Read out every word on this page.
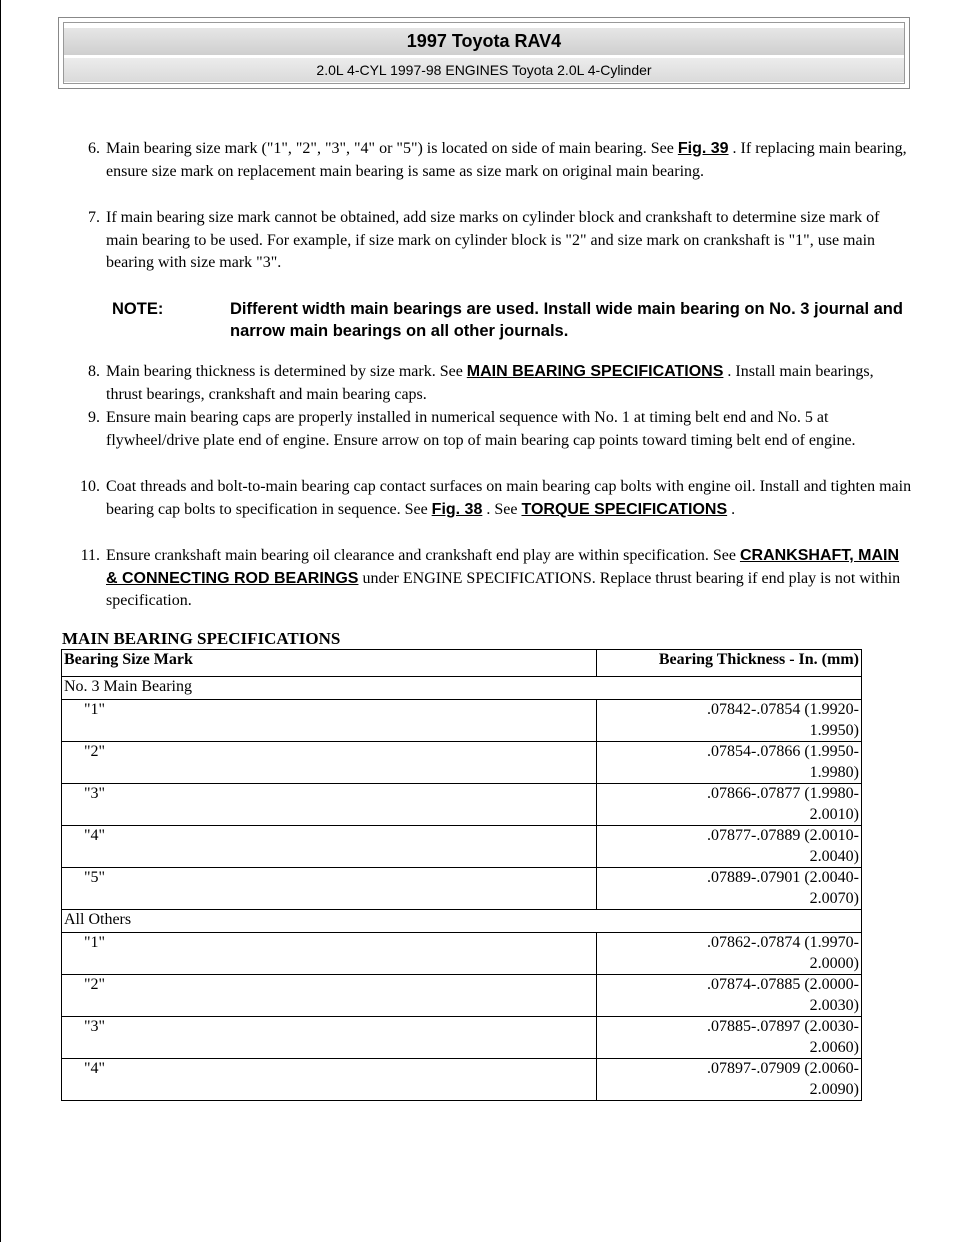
1997 Toyota RAV4
2.0L 4-CYL 1997-98 ENGINES Toyota 2.0L 4-Cylinder
6. Main bearing size mark ("1", "2", "3", "4" or "5") is located on side of main bearing. See Fig. 39 . If replacing main bearing, ensure size mark on replacement main bearing is same as size mark on original main bearing.
7. If main bearing size mark cannot be obtained, add size marks on cylinder block and crankshaft to determine size mark of main bearing to be used. For example, if size mark on cylinder block is "2" and size mark on crankshaft is "1", use main bearing with size mark "3".
NOTE:	Different width main bearings are used. Install wide main bearing on No. 3 journal and narrow main bearings on all other journals.
8. Main bearing thickness is determined by size mark. See MAIN BEARING SPECIFICATIONS . Install main bearings, thrust bearings, crankshaft and main bearing caps.
9. Ensure main bearing caps are properly installed in numerical sequence with No. 1 at timing belt end and No. 5 at flywheel/drive plate end of engine. Ensure arrow on top of main bearing cap points toward timing belt end of engine.
10. Coat threads and bolt-to-main bearing cap contact surfaces on main bearing cap bolts with engine oil. Install and tighten main bearing cap bolts to specification in sequence. See Fig. 38 . See TORQUE SPECIFICATIONS .
11. Ensure crankshaft main bearing oil clearance and crankshaft end play are within specification. See CRANKSHAFT, MAIN & CONNECTING ROD BEARINGS under ENGINE SPECIFICATIONS. Replace thrust bearing if end play is not within specification.
MAIN BEARING SPECIFICATIONS
Bearing Size Mark	Bearing Thickness - In. (mm)
No. 3 Main Bearing	
"1"	.07842-.07854 (1.9920-
1.9950)
"2"	.07854-.07866 (1.9950-
1.9980)
"3"	.07866-.07877 (1.9980-
2.0010)
"4"	.07877-.07889 (2.0010-
2.0040)
"5"	.07889-.07901 (2.0040-
2.0070)
All Others	
"1"	.07862-.07874 (1.9970-
2.0000)
"2"	.07874-.07885 (2.0000-
2.0030)
"3"	.07885-.07897 (2.0030-
2.0060)
"4"	.07897-.07909 (2.0060-
2.0090)
